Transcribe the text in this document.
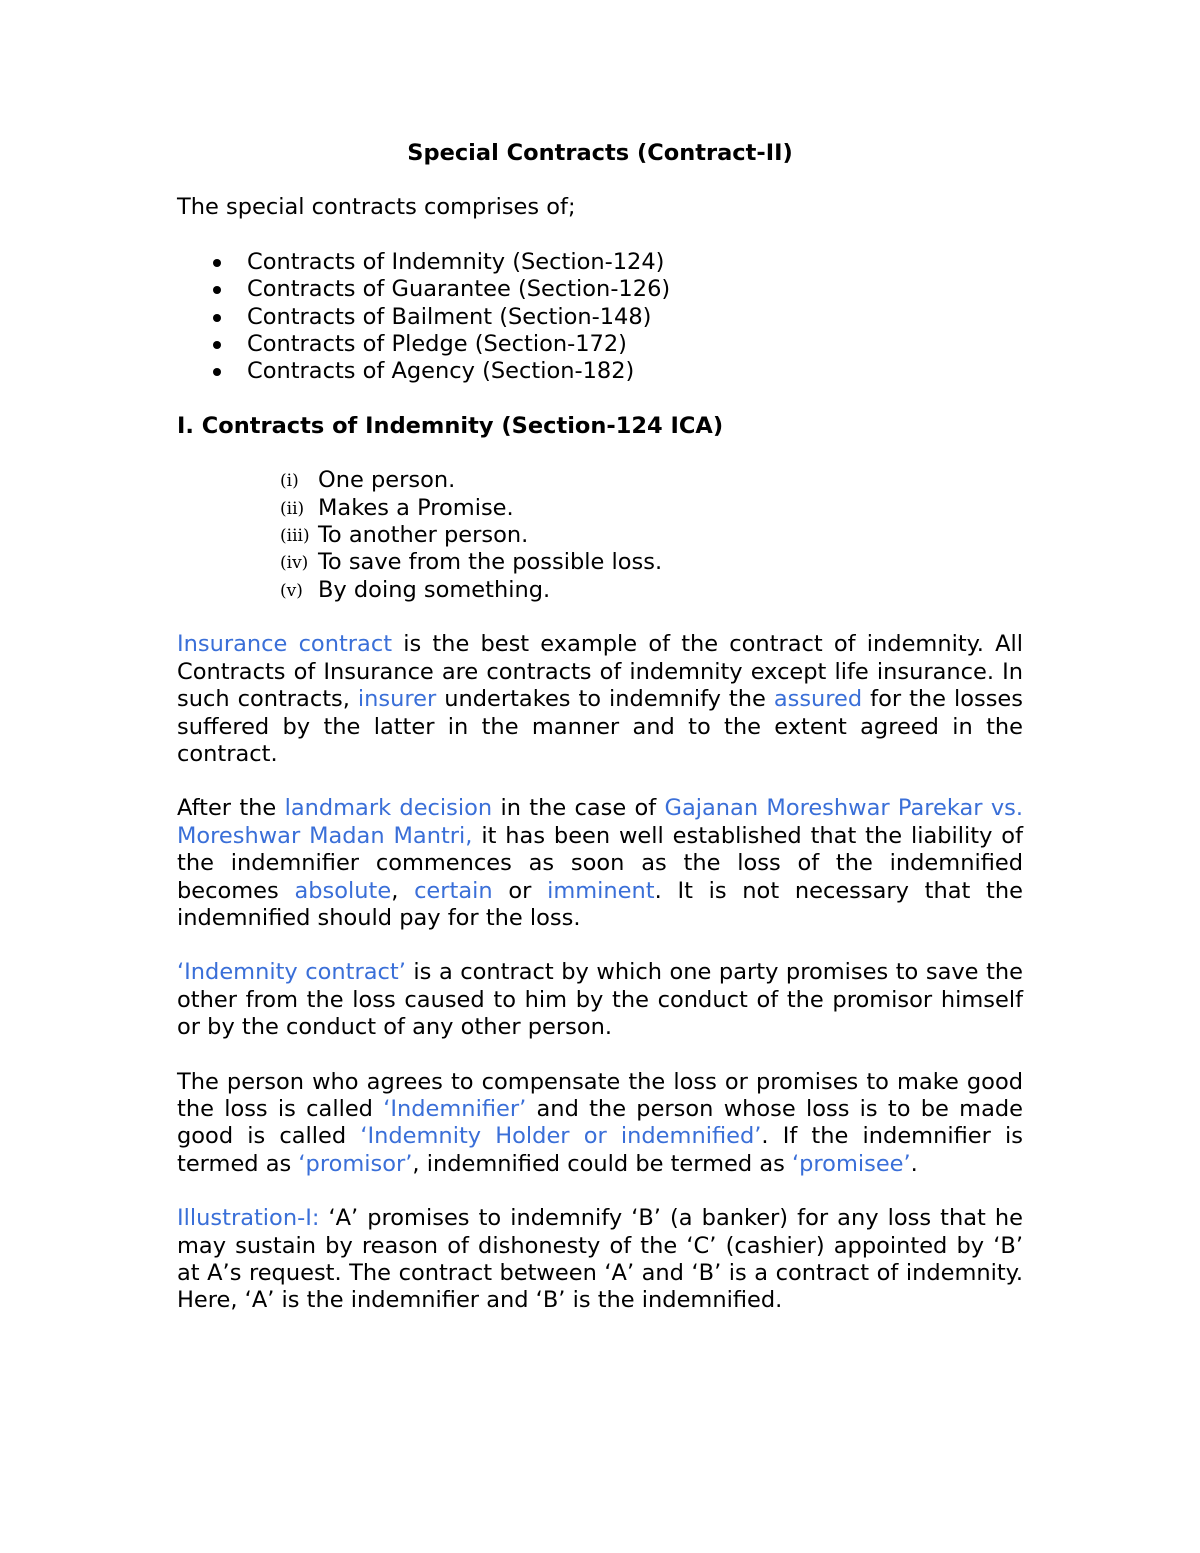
Special Contracts (Contract-II)

The special contracts comprises of;

Contracts of Indemnity (Section-124)
Contracts of Guarantee (Section-126)
Contracts of Bailment (Section-148)
Contracts of Pledge (Section-172)
Contracts of Agency (Section-182)
I. Contracts of Indemnity (Section-124 ICA)
(i) One person.
(ii) Makes a Promise.
(iii) To another person.
(iv) To save from the possible loss.
(v) By doing something.

Insurance contract is the best example of the contract of indemnity. All Contracts of Insurance are contracts of indemnity except life insurance. In such contracts, insurer undertakes to indemnify the assured for the losses suffered by the latter in the manner and to the extent agreed in the contract.

After the landmark decision in the case of Gajanan Moreshwar Parekar vs. Moreshwar Madan Mantri, it has been well established that the liability of the indemnifier commences as soon as the loss of the indemnified becomes absolute, certain or imminent. It is not necessary that the indemnified should pay for the loss.

‘Indemnity contract’ is a contract by which one party promises to save the other from the loss caused to him by the conduct of the promisor himself or by the conduct of any other person.

The person who agrees to compensate the loss or promises to make good the loss is called ‘Indemnifier’ and the person whose loss is to be made good is called ‘Indemnity Holder or indemnified’. If the indemnifier is termed as ‘promisor’, indemnified could be termed as ‘promisee’.

Illustration-I: ‘A’ promises to indemnify ‘B’ (a banker) for any loss that he may sustain by reason of dishonesty of the ‘C’ (cashier) appointed by ‘B’ at A’s request. The contract between ‘A’ and ‘B’ is a contract of indemnity. Here, ‘A’ is the indemnifier and ‘B’ is the indemnified.
